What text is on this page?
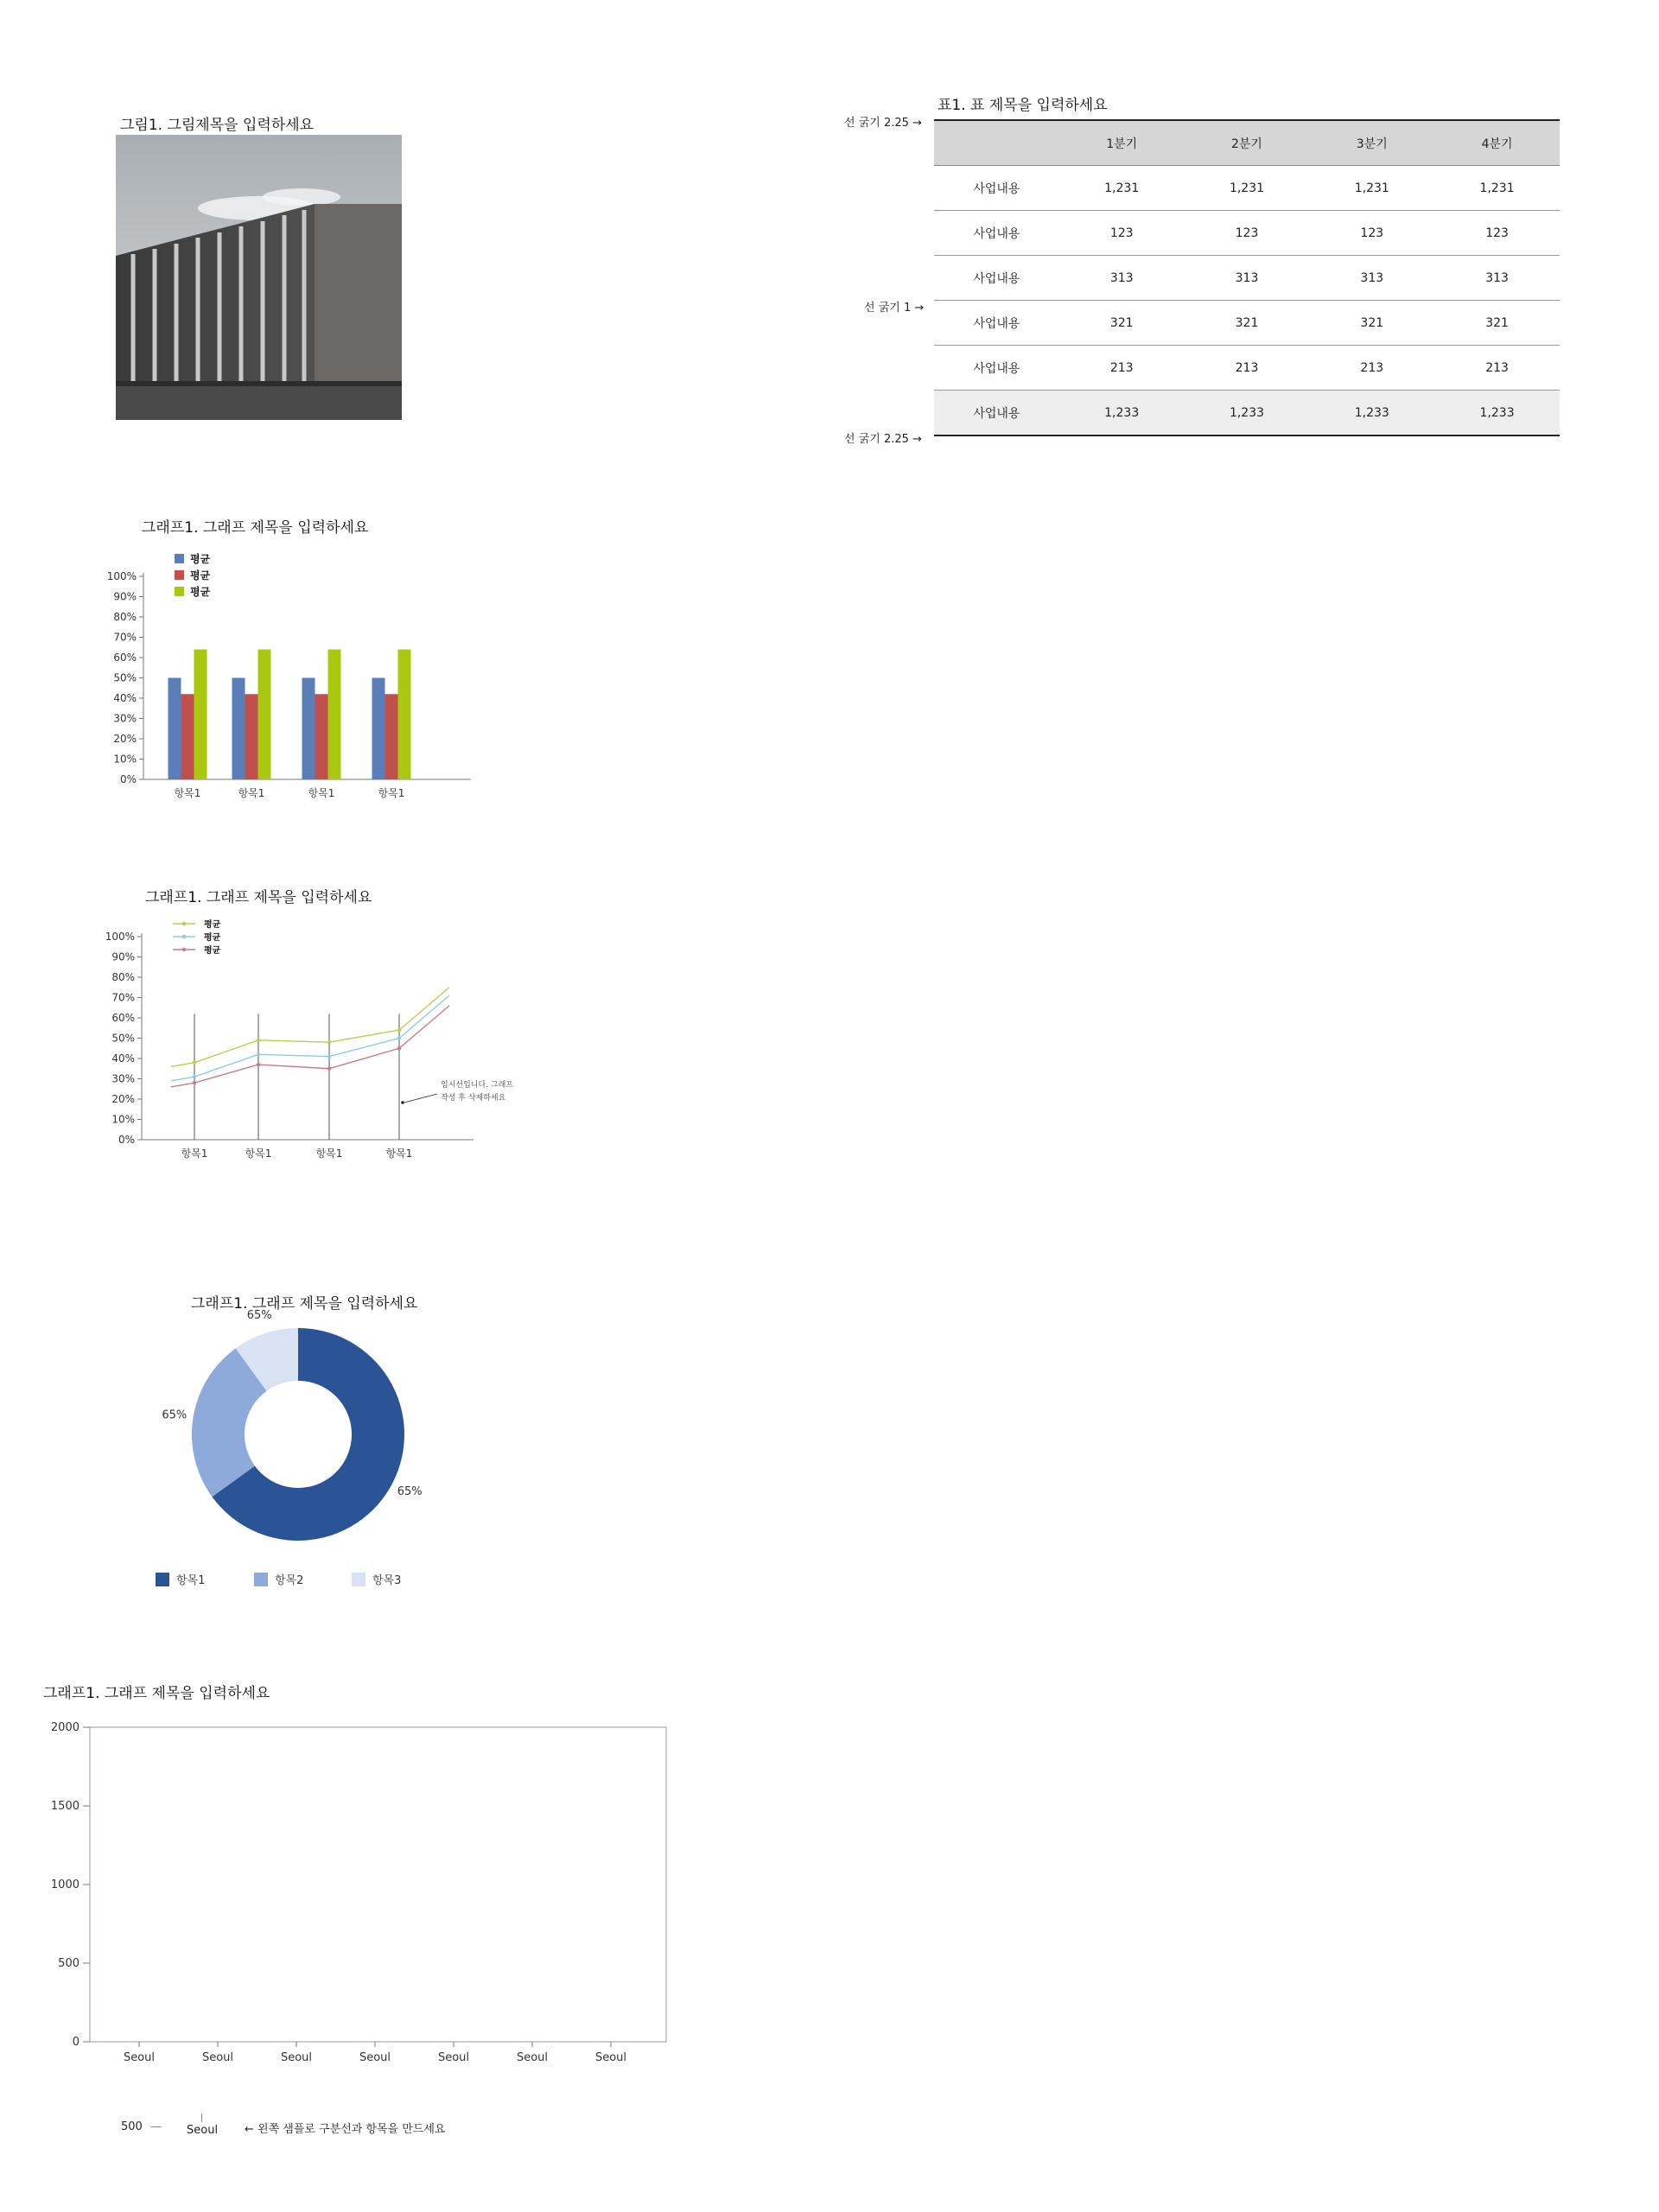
그림1. 그림제목을 입력하세요
표1. 표 제목을 입력하세요
선 굵기 2.25 →
선 굵기 1 →
선 굵기 2.25 →
	1분기	2분기	3분기	4분기
사업내용	1,231	1,231	1,231	1,231
사업내용	123	123	123	123
사업내용	313	313	313	313
사업내용	321	321	321	321
사업내용	213	213	213	213
사업내용	1,233	1,233	1,233	1,233
그래프1. 그래프 제목을 입력하세요
0%
10%
20%
30%
40%
50%
60%
70%
80%
90%
100%
항목1	항목1	항목1	항목1
평균
평균
평균
그래프1. 그래프 제목을 입력하세요
0%
10%
20%
30%
40%
50%
60%
70%
80%
90%
100%
항목1	항목1	항목1	항목1
평균
평균
평균
임시선입니다. 그래프
작성 후 삭제하세요
그래프1. 그래프 제목을 입력하세요
65%
65%
65%
항목1	항목2	항목3
그래프1. 그래프 제목을 입력하세요
0
500
1000
1500
2000
Seoul	Seoul	Seoul	Seoul	Seoul	Seoul	Seoul
500	Seoul ← 왼쪽 샘플로 구분선과 항목을 만드세요
